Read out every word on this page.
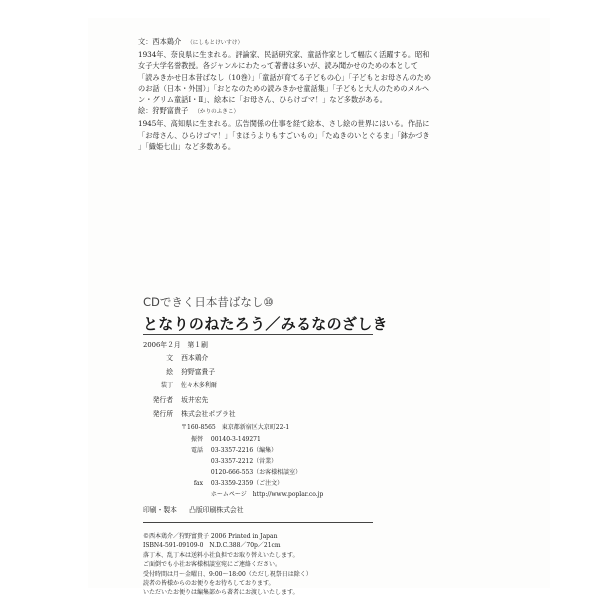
文：西本鶏介 （にしもとけいすけ）
1934年、奈良県に生まれる。評論家、民話研究家、童話作家として幅広く活躍する。昭和
女子大学名誉教授。各ジャンルにわたって著書は多いが、読み聞かせのための本として
「読みきかせ日本昔ばなし（10巻）」「童話が育てる子どもの心」「子どもとお母さんのため
のお話（日本・外国）」「おとなのための読みきかせ童話集」「子どもと大人のためのメルヘ
ン・グリム童話Ⅰ・Ⅱ」、絵本に「お母さん、ひらけゴマ！」など多数がある。
絵：狩野富貴子 （かりのふきこ）
1945年、高知県に生まれる。広告関係の仕事を経て絵本、さし絵の世界にはいる。作品に
「お母さん、ひらけゴマ！」「まほうよりもすごいもの」「たぬきのいとぐるま」「鉢かづき
」「織姫七山」など多数ある。
CDできく日本昔ばなし⑩
となりのねたろう／みるなのざしき
2006年２月　第１刷
文 西本鶏介
絵 狩野富貴子
装丁 佐々木多利爾
発行者 坂井宏先
発行所 株式会社ポプラ社
〒160-8565　東京都新宿区大京町22-1
振替 00140-3-149271
電話 03-3357-2216（編集）
03-3357-2212（営業）
0120-666-553（お客様相談室）
fax 03-3359-2359（ご注文）
ホームページ　http://www.poplar.co.jp
印刷・製本 凸版印刷株式会社
©西本鶏介／狩野富貴子 2006 Printed in Japan
ISBN4-591-09109-0　N.D.C.388／70p／21cm
落丁本、乱丁本は送料小社負担でお取り替えいたします。
ご面倒でも小社お客様相談室宛にご連絡ください。
受付時間は月～金曜日、9:00～18:00（ただし祝祭日は除く）
読者の皆様からのお便りをお待ちしております。
いただいたお便りは編集部から著者にお渡しいたします。
